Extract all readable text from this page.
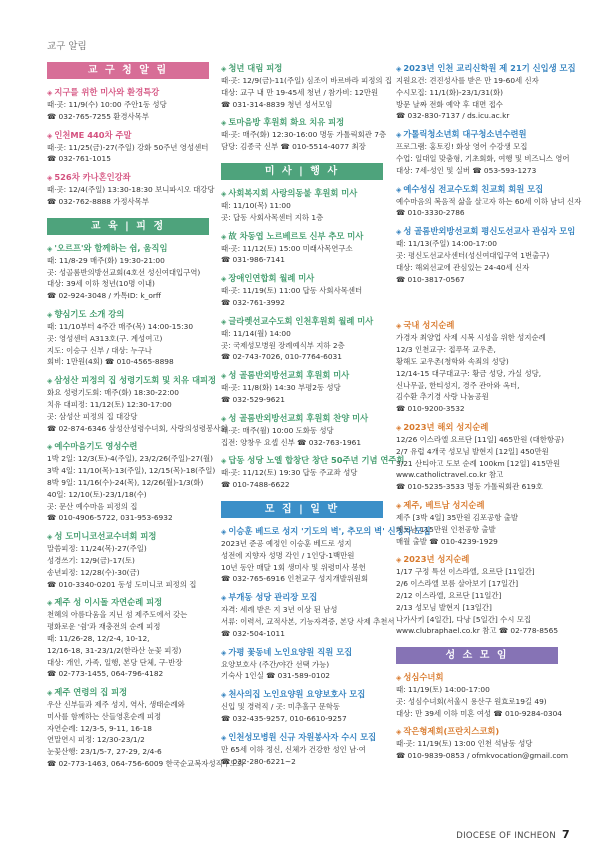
교구 알림
교 구 청 알 림
◈ 지구를 위한 미사와 환경특강
때·곳: 11/9(수) 10:00 주안1동 성당
☎ 032-765-7255 환경사목부
◈ 인천ME 440차 주말
때·곳: 11/25(금)-27(주일) 강화 50주년 영성센터
☎ 032-761-1015
◈ 526차 카나혼인강좌
때·곳: 12/4(주일) 13:30-18:30 보니파시오 대강당
☎ 032-762-8888 가정사목부
교 육 | 피 정
◈ '오르프'와 함께하는 쉼, 움직임
때: 11/8-29 매주(화) 19:30-21:00
곳: 성골롬반의방선교회(4호선 성신여대입구역)
대상: 39세 이하 청년(10명 이내)
☎ 02-924-3048 / 카톡ID: k_orff
◈ 향심기도 소개 강의
때: 11/10부터 4주간 매주(목) 14:00-15:30
곳: 영성센터 A313호(구. 계성여고)
지도: 이승구 신부 / 대상: 누구나
회비: 1만원(4회) ☎ 010-4565-8898
◈ 삼성산 피정의 집 성령기도회 및 치유 대피정
화요 성령기도회: 매주(화) 18:30-22:00
치유 대피정: 11/12(토) 12:30-17:00
곳: 삼성산 피정의 집 대강당
☎ 02-874-6346 삼성산성령수녀회, 사랑의성령봉사회
◈ 예수마음기도 영성수련
1박 2일: 12/3(토)-4(주일), 23/2/26(주일)-27(월)
3박 4일: 11/10(목)-13(주일), 12/15(목)-18(주일)
8박 9일: 11/16(수)-24(목), 12/26(월)-1/3(화)
40일: 12/10(토)-23/1/18(수)
곳: 문산 예수마음 피정의 집
☎ 010-4906-5722, 031-953-6932
◈ 성 도미니코선교수녀회 피정
말씀피정: 11/24(목)-27(주일)
성경쓰기: 12/9(금)-17(토)
송년피정: 12/28(수)-30(금)
☎ 010-3340-0201 동성 도미니코 피정의 집
◈ 제주 성 이시돌 자연순례 피정
천혜의 아름다움을 지닌 섬 제주도에서 갖는
평화로운 '쉼'과 재충전의 순례 피정
때: 11/26-28, 12/2-4, 10-12,
12/16-18, 31-23/1/2(한라산 눈꽃 피정)
대상: 개인, 가족, 일행, 본당 단체, 구·반장
☎ 02-773-1455, 064-796-4182
◈ 제주 연령의 집 피정
우산 신부들과 제주 성지, 역사, 생태순례와
미사를 함께하는 산들영혼순례 피정
자연순례: 12/3-5, 9-11, 16-18
연말연시 피정: 12/30-23/1/2
눈꽃산행: 23/1/5-7, 27-29, 2/4-6
☎ 02-773-1463, 064-756-6009 한국순교복자성직수도회
◈ 청년 대림 피정
때·곳: 12/9(금)-11(주일) 심조이 바르바라 피정의 집
대상: 교구 내 만 19-45세 청년 / 참가비: 12만원
☎ 031-314-8839 청년 성서모임
◈ 토마음방 후원회 화요 치유 피정
때·곳: 매주(화) 12:30-16:00 명동 가톨릭회관 7층
담당: 김종국 신부 ☎ 010-5514-4077 최장
미 사 | 행 사
◈ 사회복지회 사랑의동불 후원회 미사
때: 11/10(목) 11:00
곳: 답동 사회사목센터 지하 1층
◈ 故 차동엽 노르베르토 신부 추모 미사
때·곳: 11/12(토) 15:00 미래사목연구소
☎ 031-986-7141
◈ 장애인연합회 월례 미사
때·곳: 11/19(토) 11:00 답동 사회사목센터
☎ 032-761-3992
◈ 글라렛선교수도회 인천후원회 월례 미사
때: 11/14(월) 14:00
곳: 국제성모병원 장례예식부 지하 2층
☎ 02-743-7026, 010-7764-6031
◈ 성 골롬반외방선교회 후원회 미사
때·곳: 11/8(화) 14:30 부평2동 성당
☎ 032-529-9621
◈ 성 골롬반외방선교회 후원회 찬양 미사
때·곳: 매주(월) 10:00 도화동 성당
집전: 양창우 요셉 신부 ☎ 032-763-1961
◈ 답동 성당 노엘 합창단 창단 50주년 기념 연주회
때·곳: 11/12(토) 19:30 답동 주교좌 성당
☎ 010-7488-6622
모 집 | 일 반
◈ 이승훈 베드로 성지 '기도의 벽', 추모의 벽' 신청자 모집
2023년 준공 예정인 이승훈 베드로 성지
성전에 지향자 성명 각인 / 1인당-1백만원
10년 동안 매달 1회 생미사 및 위령미사 봉헌
☎ 032-765-6916 인천교구 성지개발위원회
◈ 부개동 성당 관리장 모집
자격: 세례 받은 지 3년 이상 된 남성
서류: 이력서, 교적사본, 기능자격증, 본당 사제 추천서
☎ 032-504-1011
◈ 가평 꽃동네 노인요양원 직원 모집
요양보호사 (주간/야간 선택 가능)
기숙사 1인실 ☎ 031-589-0102
◈ 천사의집 노인요양원 요양보호사 모집
신입 및 경력직 / 곳: 미추홀구 문학동
☎ 032-435-9257, 010-6610-9257
◈ 인천성모병원 신규 자원봉사자 수시 모집
만 65세 이하 정신, 신체가 건강한 성인 남·여
☎ 032-280-6221~2
◈ 2023년 인천 교리신학원 제 21기 신입생 모집
지원요건: 견진성사를 받은 만 19-60세 신자
수시모집: 11/1(화)-23/1/31(화)
방문 날짜 전화 예약 후 대면 접수
☎ 032-830-7137 / ds.icu.ac.kr
◈ 가톨릭청소년회 대구청소년수련원
프로그램: 홍토킹! 화상 영어 수강생 모집
수업: 일대일 맞춤형, 기초회화, 여행 및 비즈니스 영어
대상: 7세-성인 및 실버 ☎ 053-593-1273
◈ 예수성심 전교수도회 친교회 회원 모집
예수마음의 복음적 삶을 살고자 하는 60세 이하 남녀 신자
☎ 010-3330-2786
◈ 성 골롬반외방선교회 평신도선교사 관심자 모임
때: 11/13(주일) 14:00-17:00
곳: 평신도선교사센터(성신여대입구역 1번출구)
대상: 해외선교에 관심있는 24-40세 신자
☎ 010-3817-0567
순 례 | 기 타
◈ 국내 성지순례
가경자 최양업 사제 시복 시성을 위한 성지순례
12/3 인천교구: 접푸목 교우촌,
황해도 교우촌(청학와 속죄의 성당)
12/14-15 대구대교구: 황금 성당, 가실 성당,
신나무골, 한티성지, 경주 관아와 옥터,
김수환 추기경 사랑 나눔공원
☎ 010-9200-3532
◈ 2023년 해외 성지순례
12/26 이스라엘 요르단 [11일] 465만원 (대한항공)
2/7 유럽 4개국 성모님 발현지 [12일] 450만원
3/21 산티아고 도보 순례 100km [12일] 415만원
www.catholictravel.co.kr 참고
☎ 010-5235-3533 명동 가톨릭회관 619호
◈ 제주, 베트남 성지순례
제주 [3박 4일] 35만원 김포공항 출발
베트남 115만원 인천공항 출발
매월 출발 ☎ 010-4239-1929
◈ 2023년 성지순례
1/17 구정 특선 이스라엘, 요르단 [11일간]
2/6 이스라엘 보름 살아보기 [17일간]
2/12 이스라엘, 요르단 [11일간]
2/13 성모님 발현지 [13일간]
나가사키 [4일간], 다낭 [5일간] 수시 모집
www.clubraphael.co.kr 참고 ☎ 02-778-8565
성 소 모 임
◈ 성심수녀회
때: 11/19(토) 14:00-17:00
곳: 성심수녀회(서울시 용산구 원효로19길 49)
대상: 만 39세 이하 미혼 여성 ☎ 010-9284-0304
◈ 작은형제회(프란치스코회)
때·곳: 11/19(토) 13:00 인천 석남동 성당
☎ 010-9839-0853 / ofmkvocation@gmail.com
DIOCESE OF INCHEON 7
